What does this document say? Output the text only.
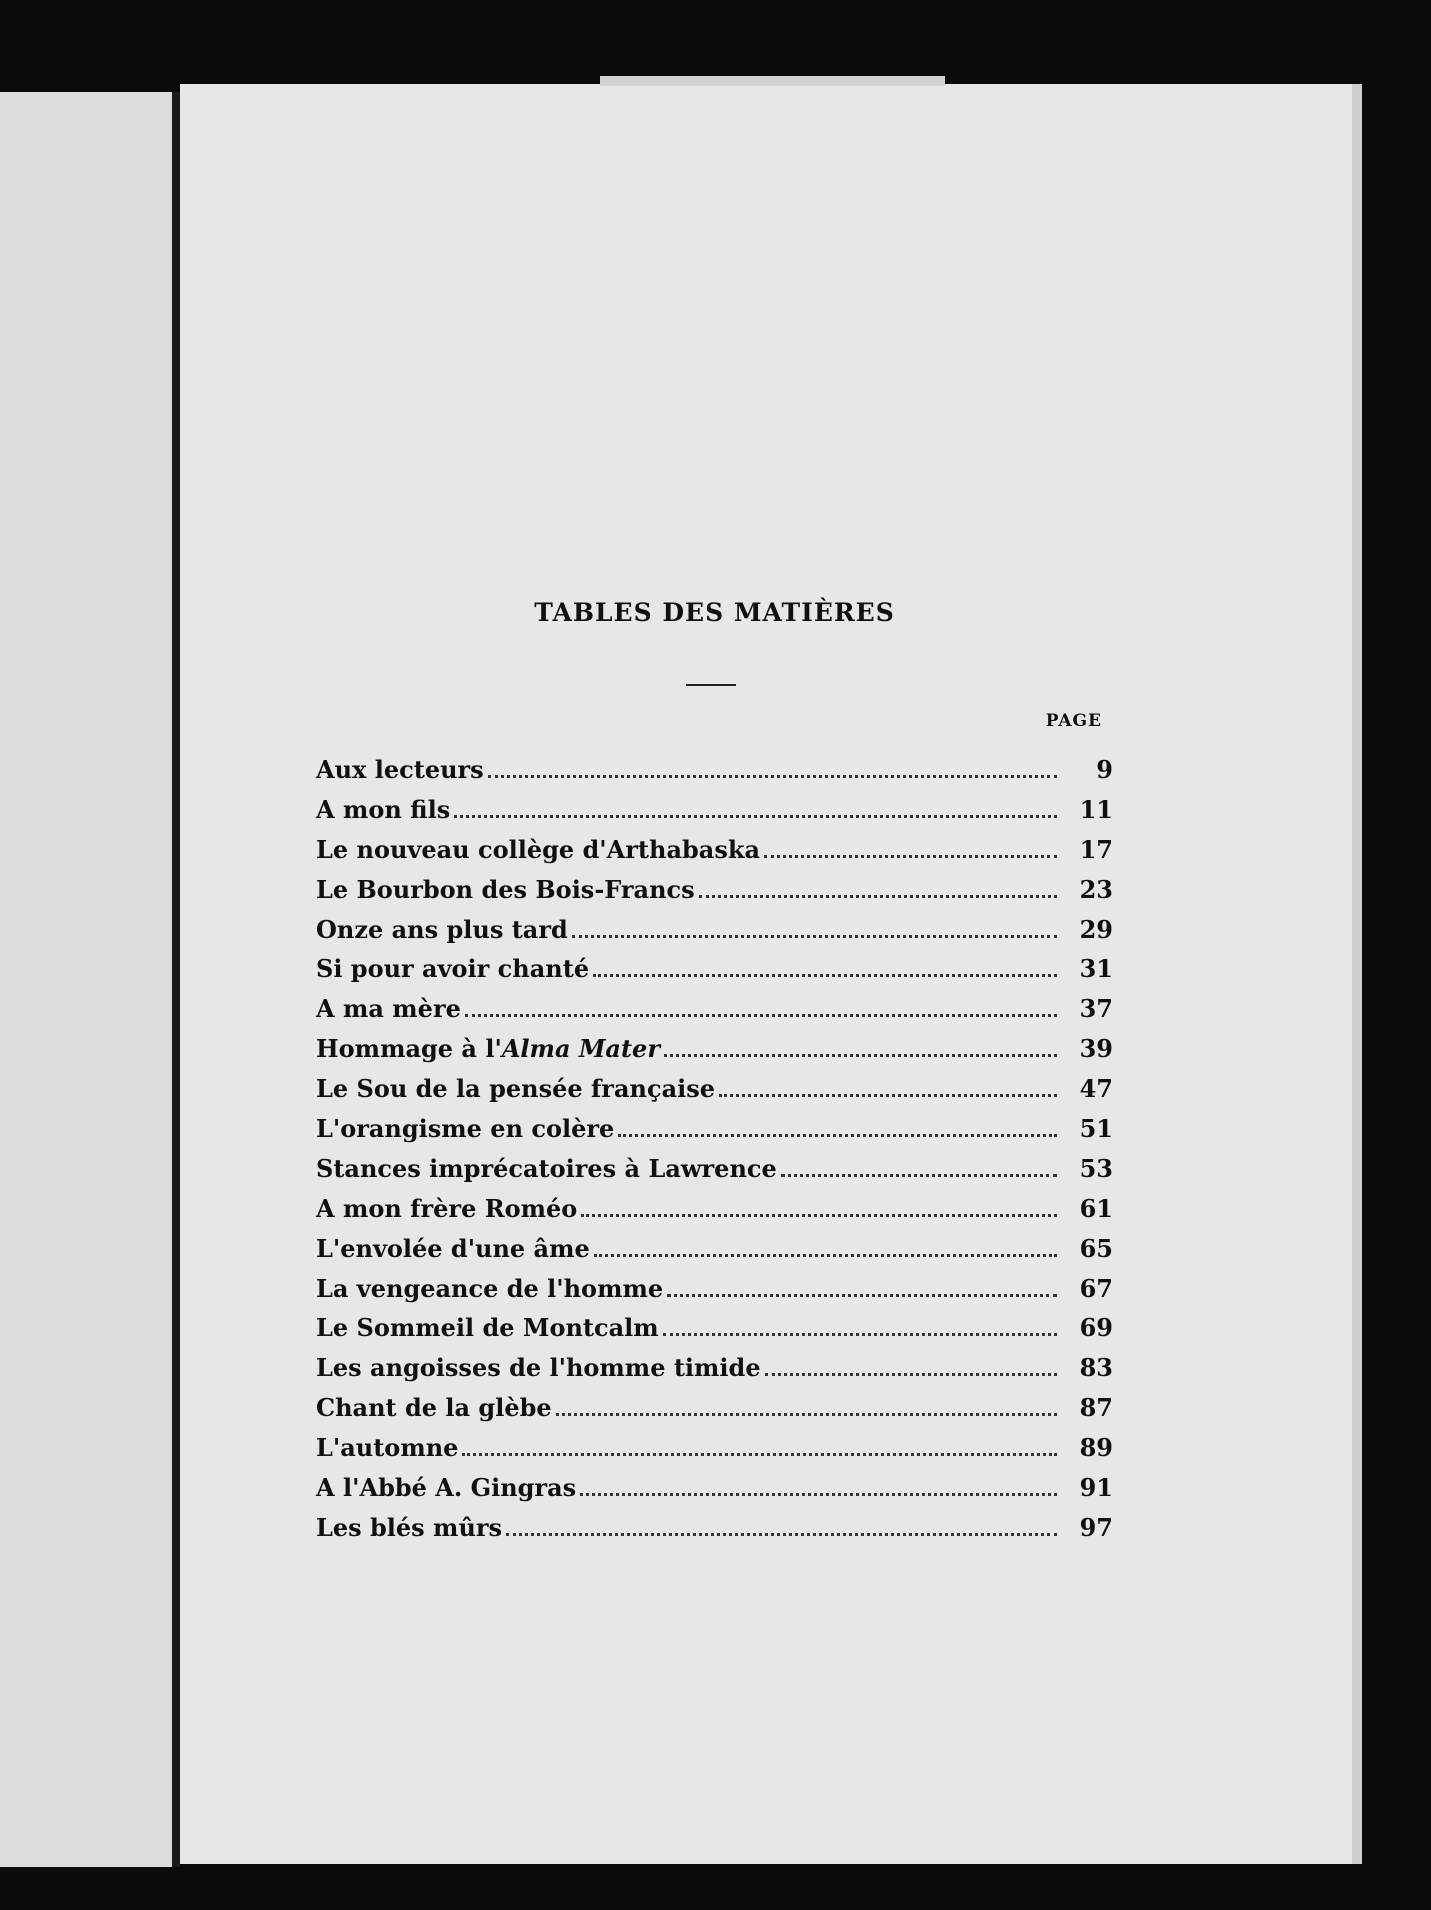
TABLES DES MATIÈRES
PAGE
Aux lecteurs	9
A mon fils	11
Le nouveau collège d'Arthabaska	17
Le Bourbon des Bois-Francs	23
Onze ans plus tard	29
Si pour avoir chanté	31
A ma mère	37
Hommage à l'Alma Mater	39
Le Sou de la pensée française	47
L'orangisme en colère	51
Stances imprécatoires à Lawrence	53
A mon frère Roméo	61
L'envolée d'une âme	65
La vengeance de l'homme	67
Le Sommeil de Montcalm	69
Les angoisses de l'homme timide	83
Chant de la glèbe	87
L'automne	89
A l'Abbé A. Gingras	91
Les blés mûrs	97
